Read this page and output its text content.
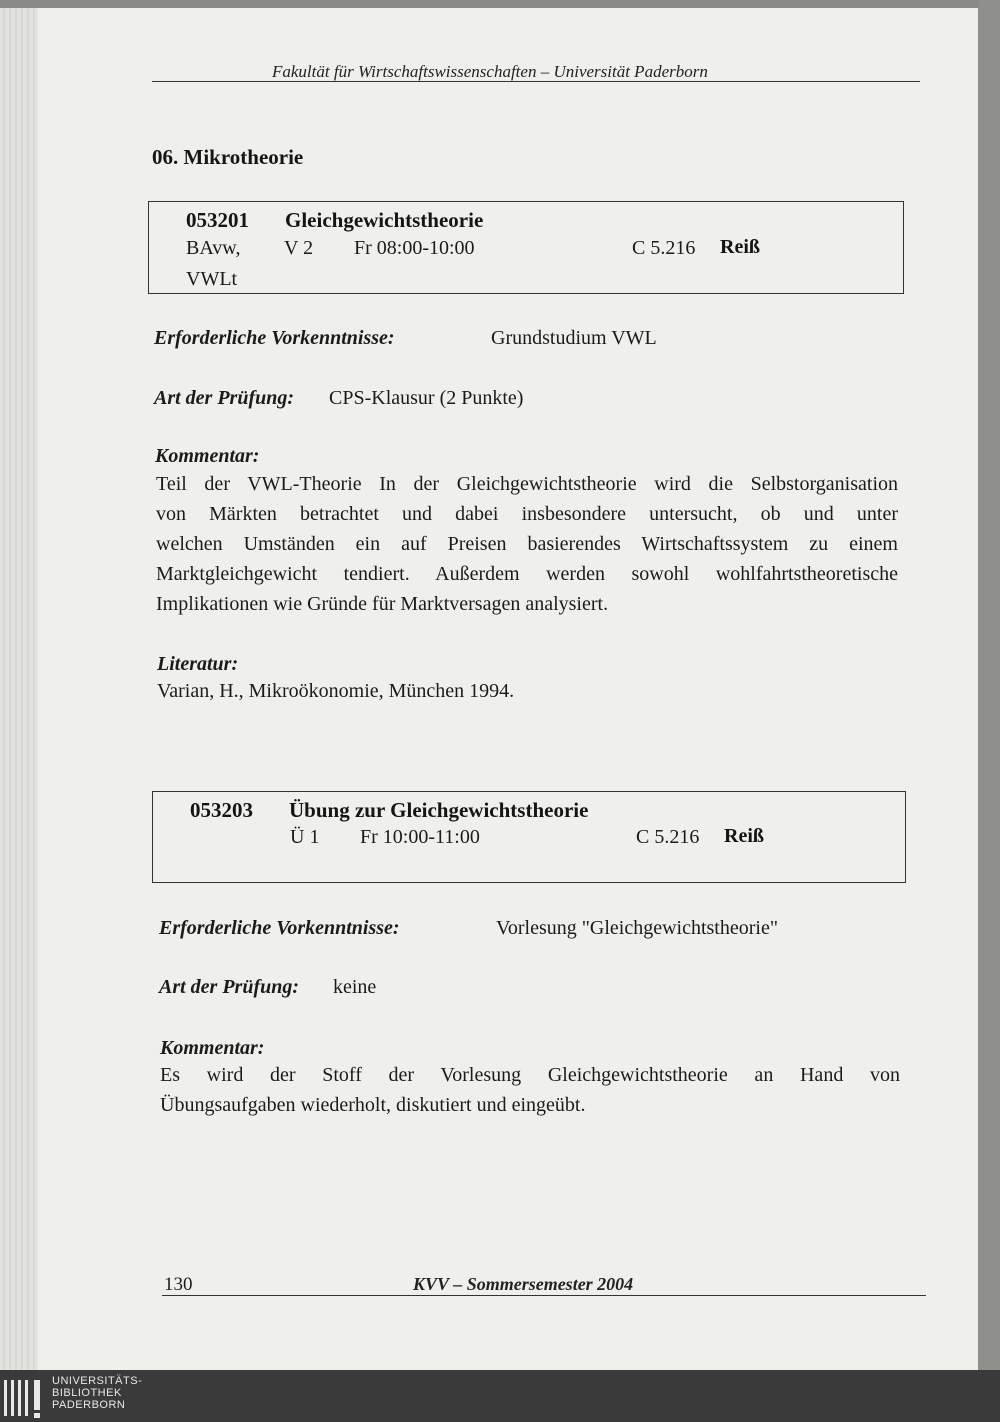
Fakultät für Wirtschaftswissenschaften – Universität Paderborn
06. Mikrotheorie
053201 Gleichgewichtstheorie
BAvw, V 2 Fr 08:00-10:00	C 5.216 Reiß
VWLt
Erforderliche Vorkenntnisse:	Grundstudium VWL
Art der Prüfung: CPS-Klausur (2 Punkte)
Kommentar:
Teil der VWL-Theorie In der Gleichgewichtstheorie wird die Selbstorganisation
von Märkten betrachtet und dabei insbesondere untersucht, ob und unter
welchen Umständen ein auf Preisen basierendes Wirtschaftssystem zu einem
Marktgleichgewicht tendiert. Außerdem werden sowohl wohlfahrtstheoretische
Implikationen wie Gründe für Marktversagen analysiert.
Literatur:
Varian, H., Mikroökonomie, München 1994.
053203 Übung zur Gleichgewichtstheorie
Ü 1 Fr 10:00-11:00	C 5.216 Reiß
Erforderliche Vorkenntnisse:	Vorlesung "Gleichgewichtstheorie"
Art der Prüfung: keine
Kommentar:
Es wird der Stoff der Vorlesung Gleichgewichtstheorie an Hand von
Übungsaufgaben wiederholt, diskutiert und eingeübt.
130	KVV – Sommersemester 2004
UNIVERSITÄTS-
BIBLIOTHEK
PADERBORN
